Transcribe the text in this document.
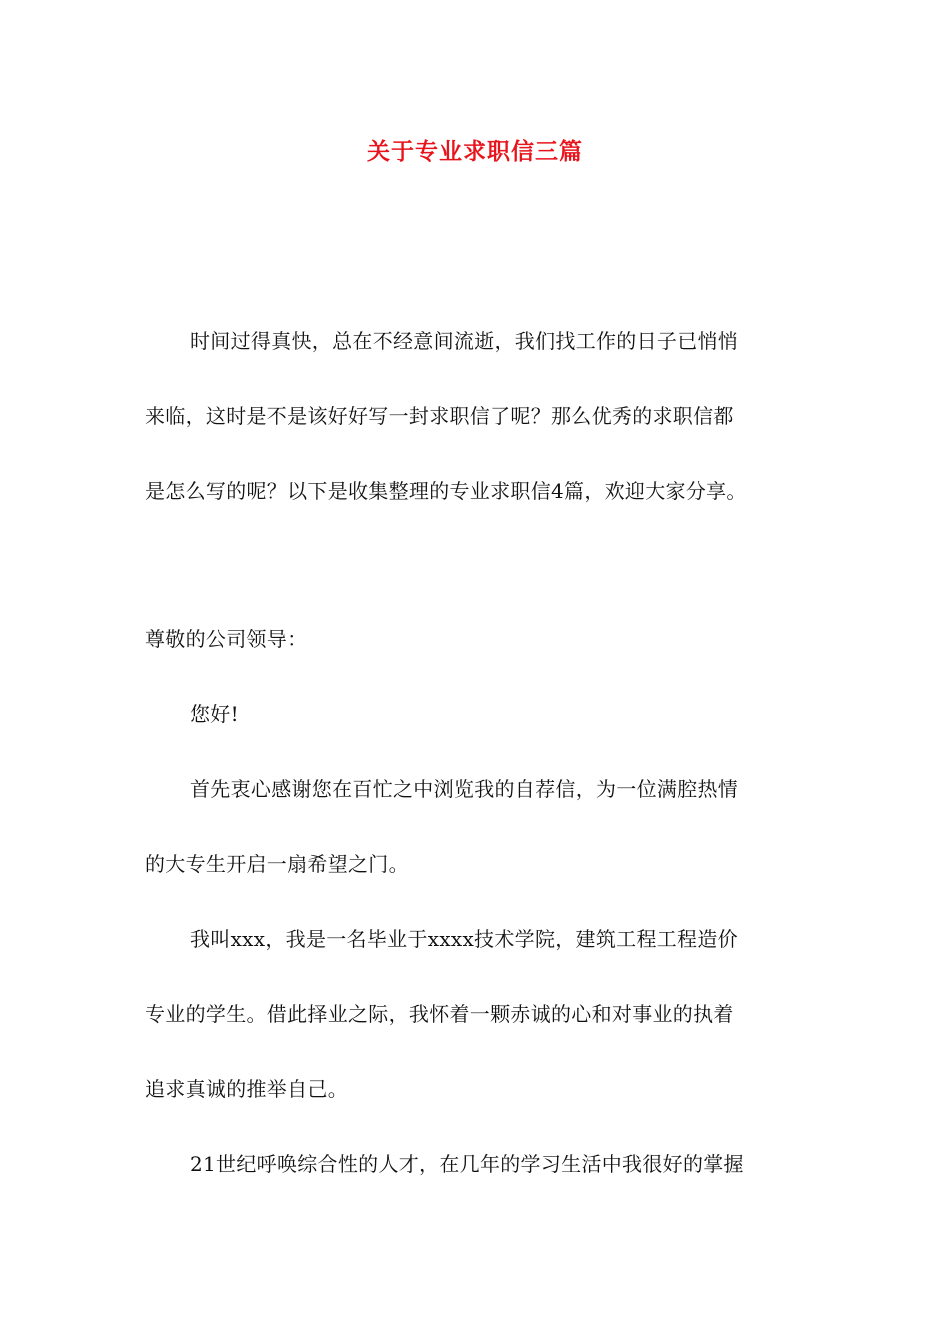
关于专业求职信三篇
时间过得真快，总在不经意间流逝，我们找工作的日子已悄悄
来临，这时是不是该好好写一封求职信了呢？那么优秀的求职信都
是怎么写的呢？以下是收集整理的专业求职信4篇，欢迎大家分享。
尊敬的公司领导：
您好!
首先衷心感谢您在百忙之中浏览我的自荐信，为一位满腔热情
的大专生开启一扇希望之门。
我叫xxx，我是一名毕业于xxxx技术学院，建筑工程工程造价
专业的学生。借此择业之际，我怀着一颗赤诚的心和对事业的执着
追求真诚的推举自己。
21世纪呼唤综合性的人才，在几年的学习生活中我很好的掌握
